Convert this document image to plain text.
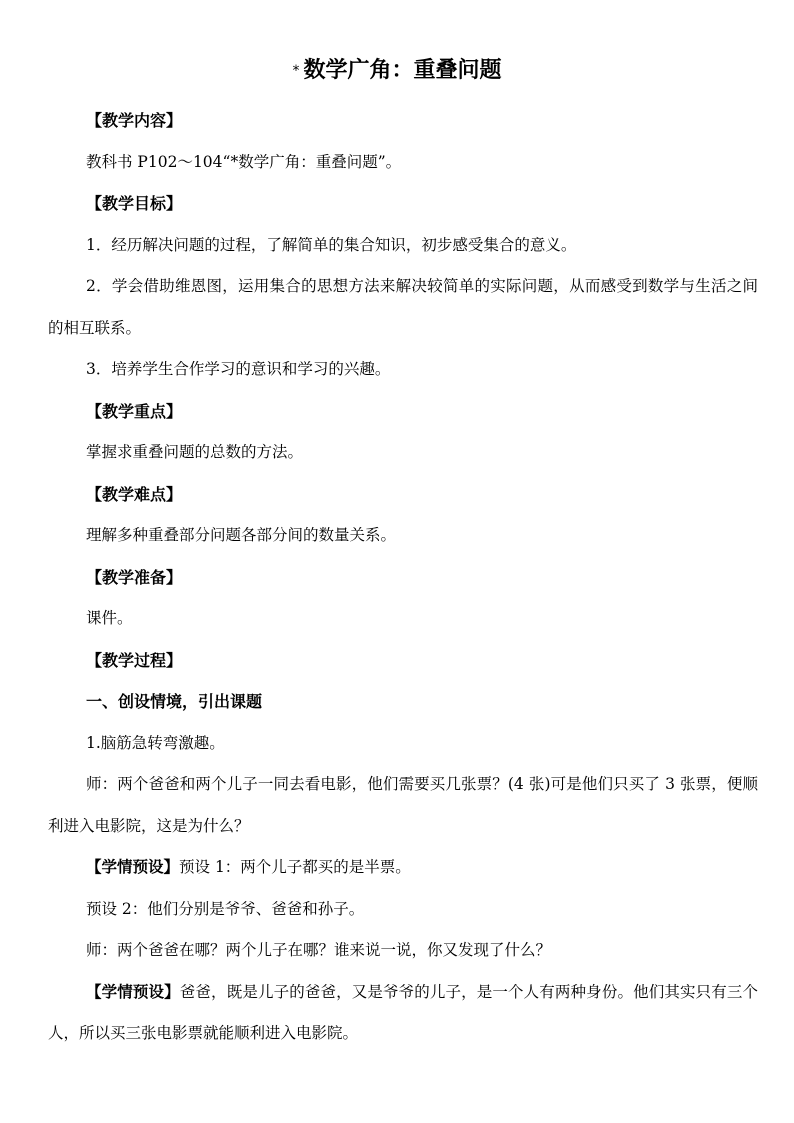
* 数学广角：重叠问题

【教学内容】

教科书 P102～104“*数学广角：重叠问题”。

【教学目标】

1．经历解决问题的过程，了解简单的集合知识，初步感受集合的意义。

2．学会借助维恩图，运用集合的思想方法来解决较简单的实际问题，从而感受到数学与生活之间的相互联系。

3．培养学生合作学习的意识和学习的兴趣。

【教学重点】

掌握求重叠问题的总数的方法。

【教学难点】

理解多种重叠部分问题各部分间的数量关系。

【教学准备】

课件。

【教学过程】

一、创设情境，引出课题

1.脑筋急转弯激趣。

师：两个爸爸和两个儿子一同去看电影，他们需要买几张票？(4 张)可是他们只买了 3 张票，便顺利进入电影院，这是为什么？

【学情预设】预设 1：两个儿子都买的是半票。

预设 2：他们分别是爷爷、爸爸和孙子。

师：两个爸爸在哪？两个儿子在哪？谁来说一说，你又发现了什么？

【学情预设】爸爸，既是儿子的爸爸，又是爷爷的儿子，是一个人有两种身份。他们其实只有三个人，所以买三张电影票就能顺利进入电影院。
